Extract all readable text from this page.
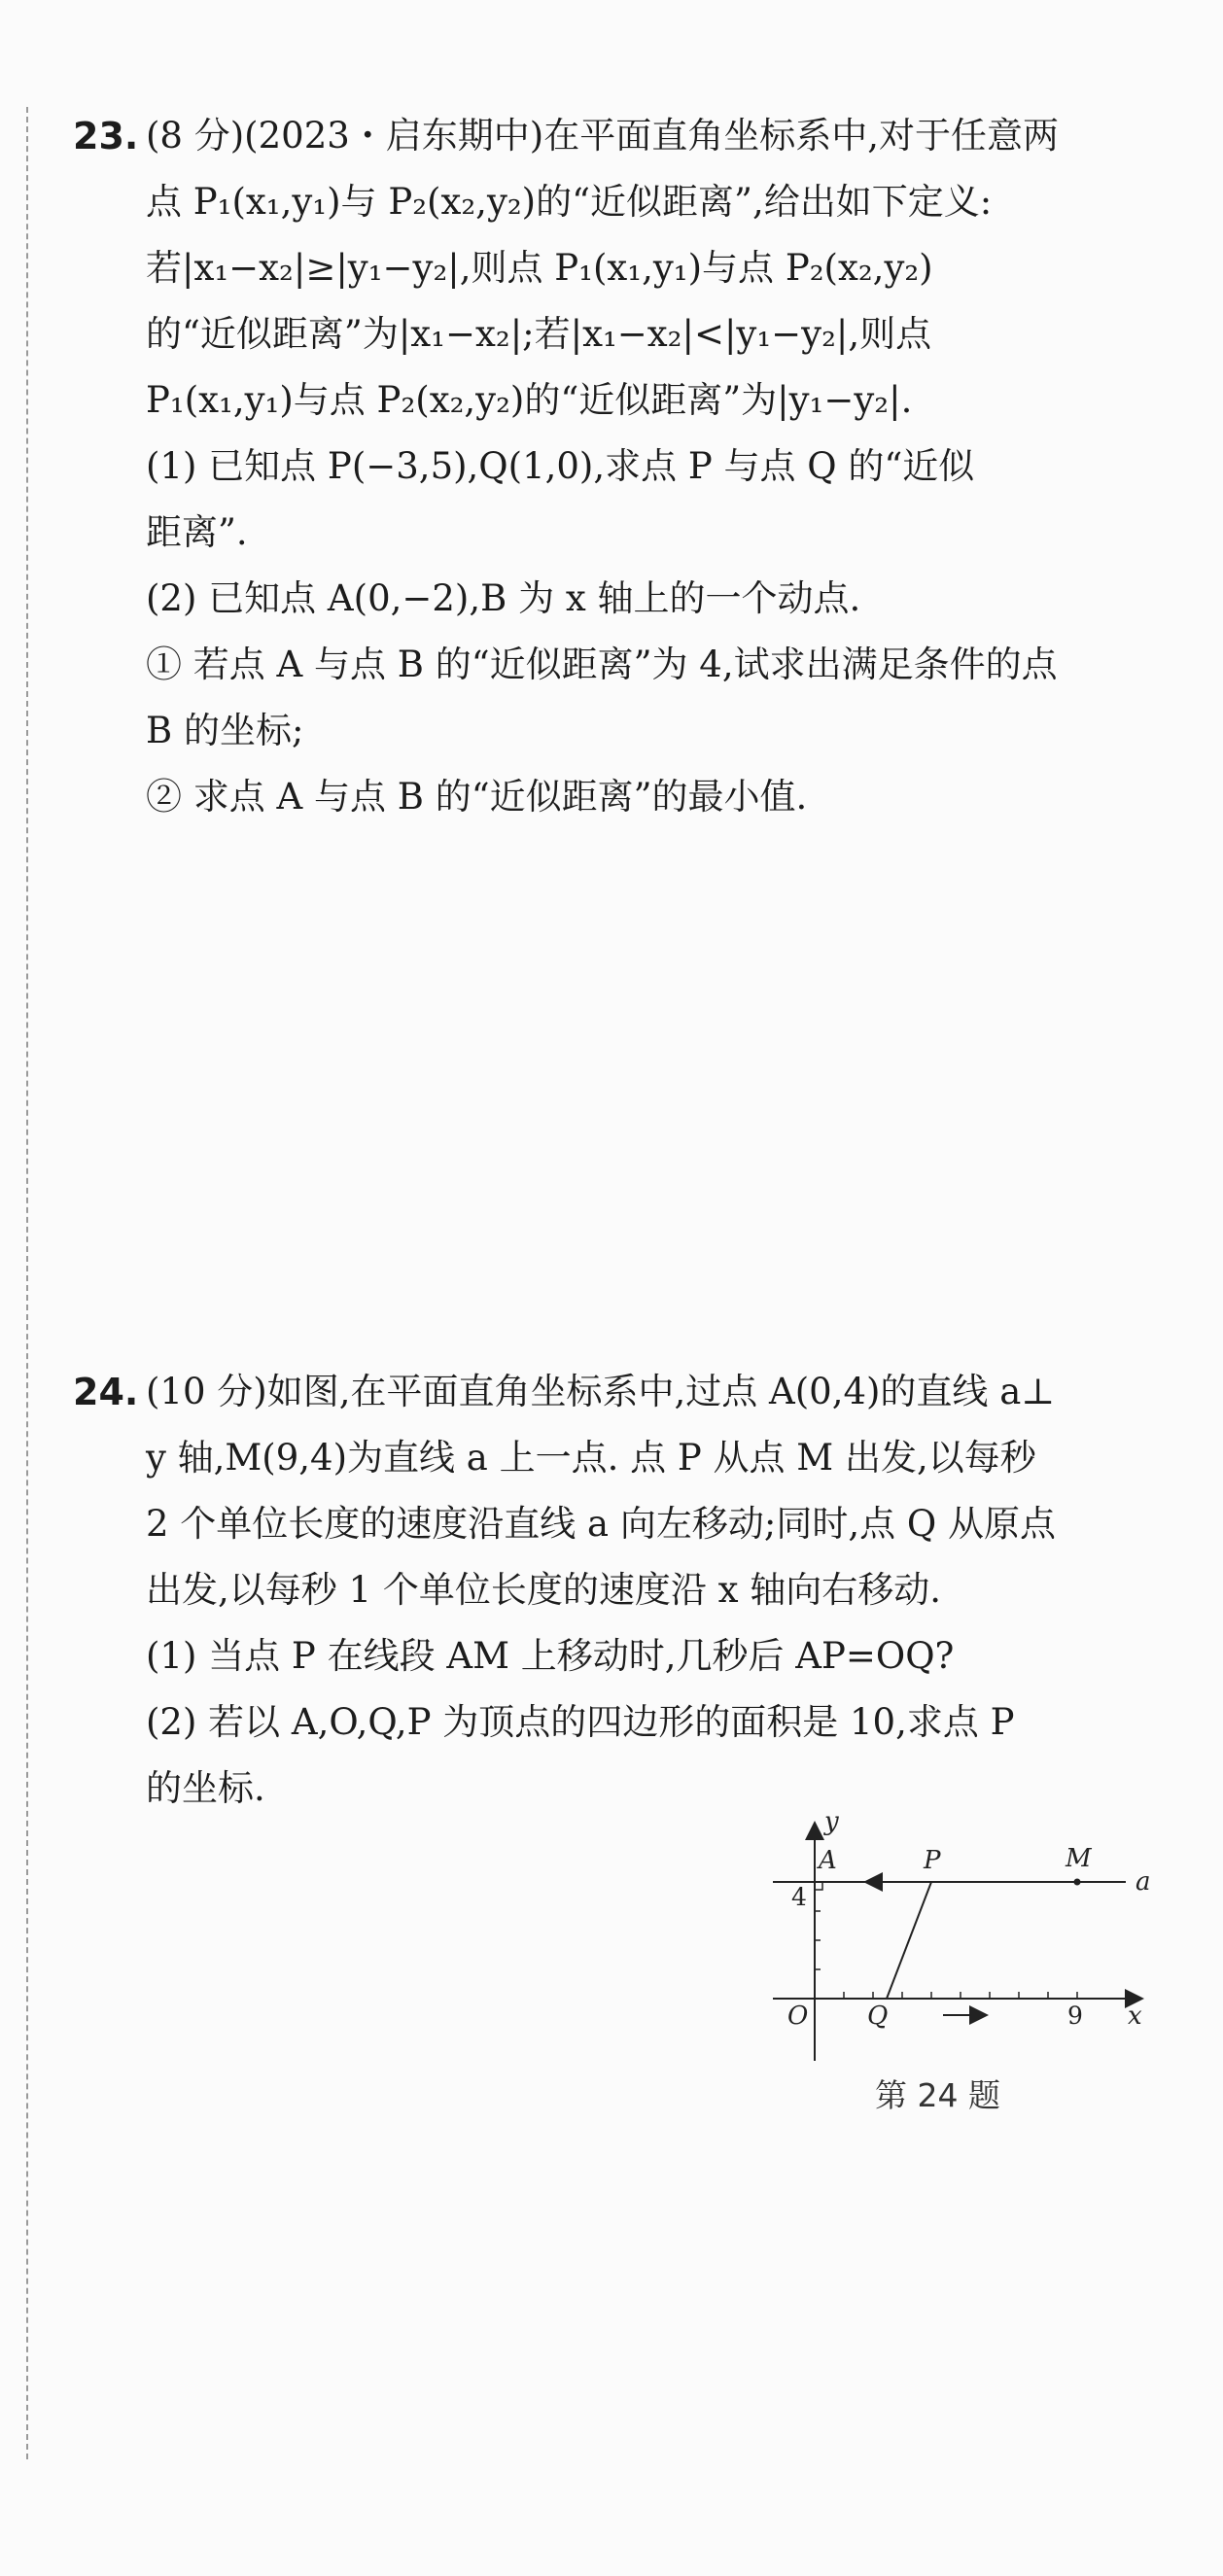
23. (8 分)(2023・启东期中)在平面直角坐标系中,对于任意两

点 P₁(x₁,y₁)与 P₂(x₂,y₂)的“近似距离”,给出如下定义:

若|x₁−x₂|≥|y₁−y₂|,则点 P₁(x₁,y₁)与点 P₂(x₂,y₂)

的“近似距离”为|x₁−x₂|;若|x₁−x₂|<|y₁−y₂|,则点

P₁(x₁,y₁)与点 P₂(x₂,y₂)的“近似距离”为|y₁−y₂|.

(1) 已知点 P(−3,5),Q(1,0),求点 P 与点 Q 的“近似

距离”.

(2) 已知点 A(0,−2),B 为 x 轴上的一个动点.

① 若点 A 与点 B 的“近似距离”为 4,试求出满足条件的点

B 的坐标;

② 求点 A 与点 B 的“近似距离”的最小值.

24. (10 分)如图,在平面直角坐标系中,过点 A(0,4)的直线 a⊥

y 轴,M(9,4)为直线 a 上一点. 点 P 从点 M 出发,以每秒

2 个单位长度的速度沿直线 a 向左移动;同时,点 Q 从原点

出发,以每秒 1 个单位长度的速度沿 x 轴向右移动.

(1) 当点 P 在线段 AM 上移动时,几秒后 AP=OQ?

(2) 若以 A,O,Q,P 为顶点的四边形的面积是 10,求点 P

的坐标.

y
A	P	M
a
O Q	x
4
9
第 24 题
